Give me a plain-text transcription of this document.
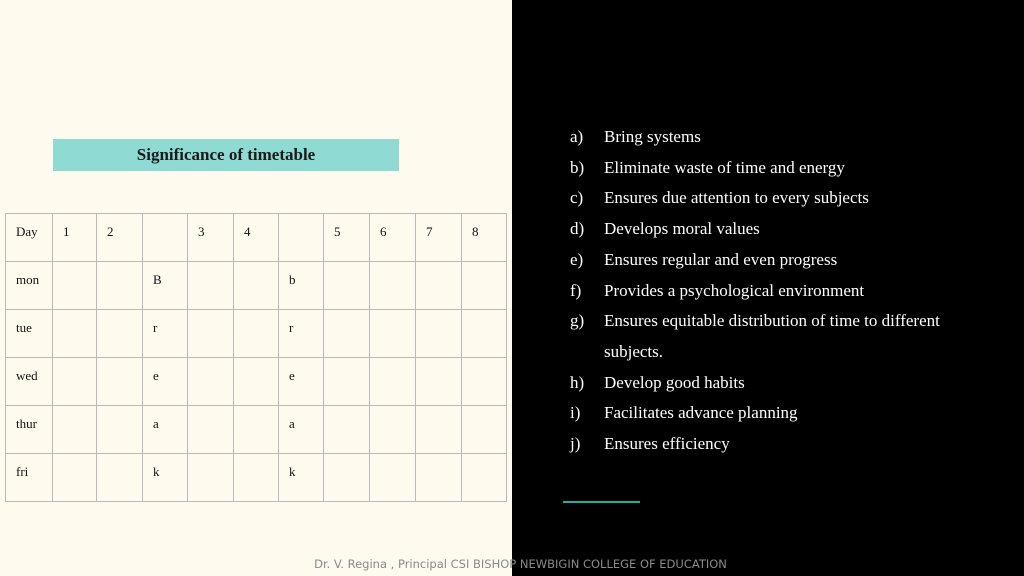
Significance of timetable
Day	1	2		3	4		5	6	7	8
mon			B			b				
tue			r			r				
wed			e			e				
thur			a			a				
fri			k			k				
a)	Bring systems
b)	Eliminate waste of time and energy
c)	Ensures due attention to every subjects
d)	Develops moral values
e)	Ensures regular and even progress
f)	Provides a psychological environment
g)	Ensures equitable distribution of time to different subjects.
h)	Develop good habits
i)	Facilitates advance planning
j)	Ensures efficiency
Dr. V. Regina , Principal CSI BISHOP NEWBIGIN COLLEGE OF EDUCATION
